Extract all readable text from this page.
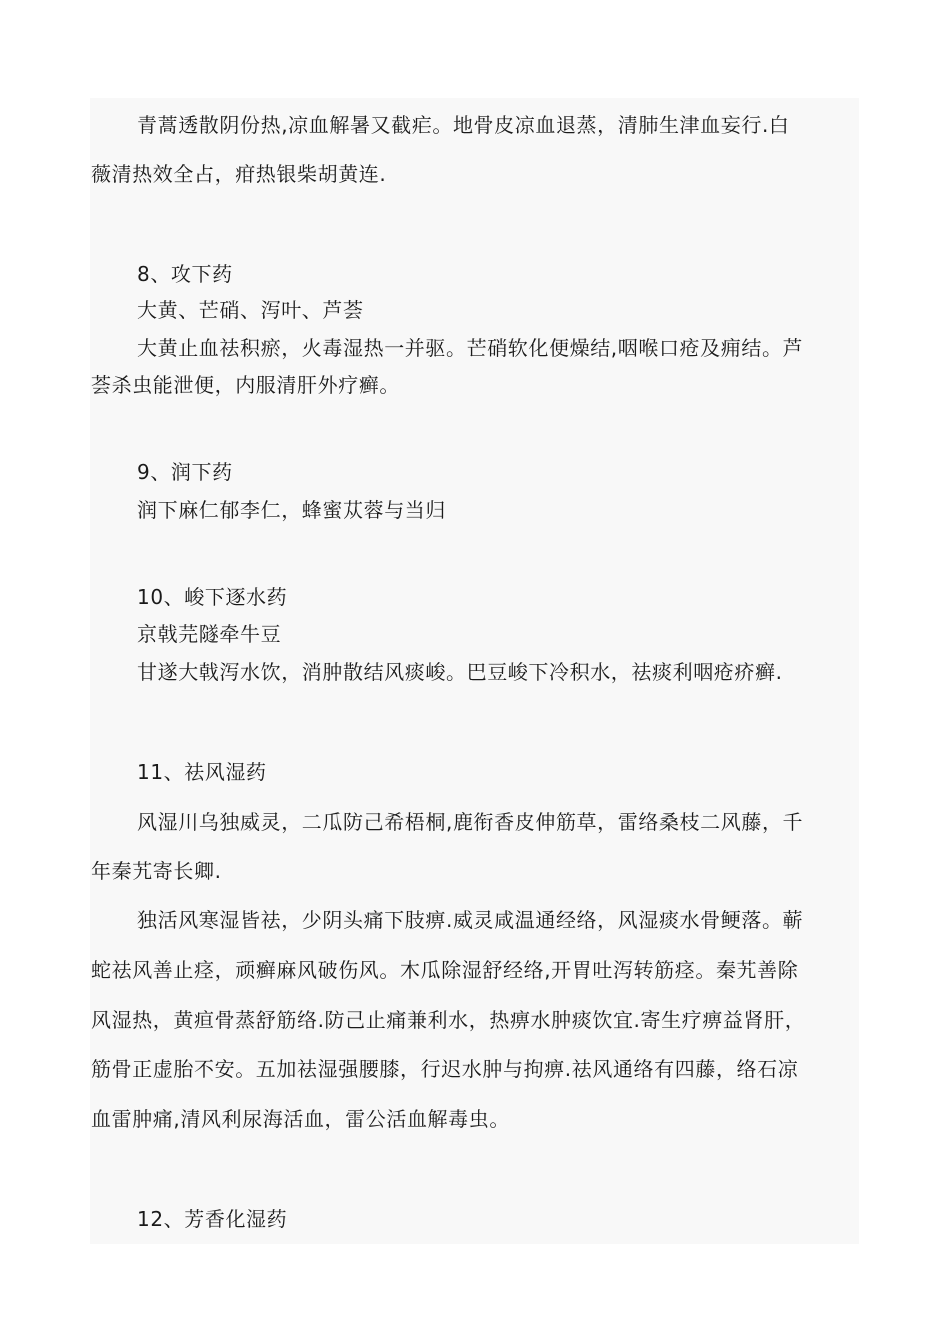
青蒿透散阴份热,凉血解暑又截疟。地骨皮凉血退蒸，清肺生津血妄行.白
薇清热效全占，疳热银柴胡黄连.
8、攻下药
大黄、芒硝、泻叶、芦荟
大黄止血祛积瘀，火毒湿热一并驱。芒硝软化便燥结,咽喉口疮及痈结。芦
荟杀虫能泄便，内服清肝外疗癣。
9、润下药
润下麻仁郁李仁，蜂蜜苁蓉与当归
10、峻下逐水药
京戟芫隧牵牛豆
甘遂大戟泻水饮，消肿散结风痰峻。巴豆峻下冷积水，祛痰利咽疮疥癣.
11、祛风湿药
风湿川乌独威灵，二瓜防己希梧桐,鹿衔香皮伸筋草，雷络桑枝二风藤，千
年秦艽寄长卿.
独活风寒湿皆祛，少阴头痛下肢痹.威灵咸温通经络，风湿痰水骨鲠落。蕲
蛇祛风善止痉，顽癣麻风破伤风。木瓜除湿舒经络,开胃吐泻转筋痉。秦艽善除
风湿热，黄疸骨蒸舒筋络.防己止痛兼利水，热痹水肿痰饮宜.寄生疗痹益肾肝，
筋骨正虚胎不安。五加祛湿强腰膝，行迟水肿与拘痹.祛风通络有四藤，络石凉
血雷肿痛,清风利尿海活血，雷公活血解毒虫。
12、芳香化湿药
